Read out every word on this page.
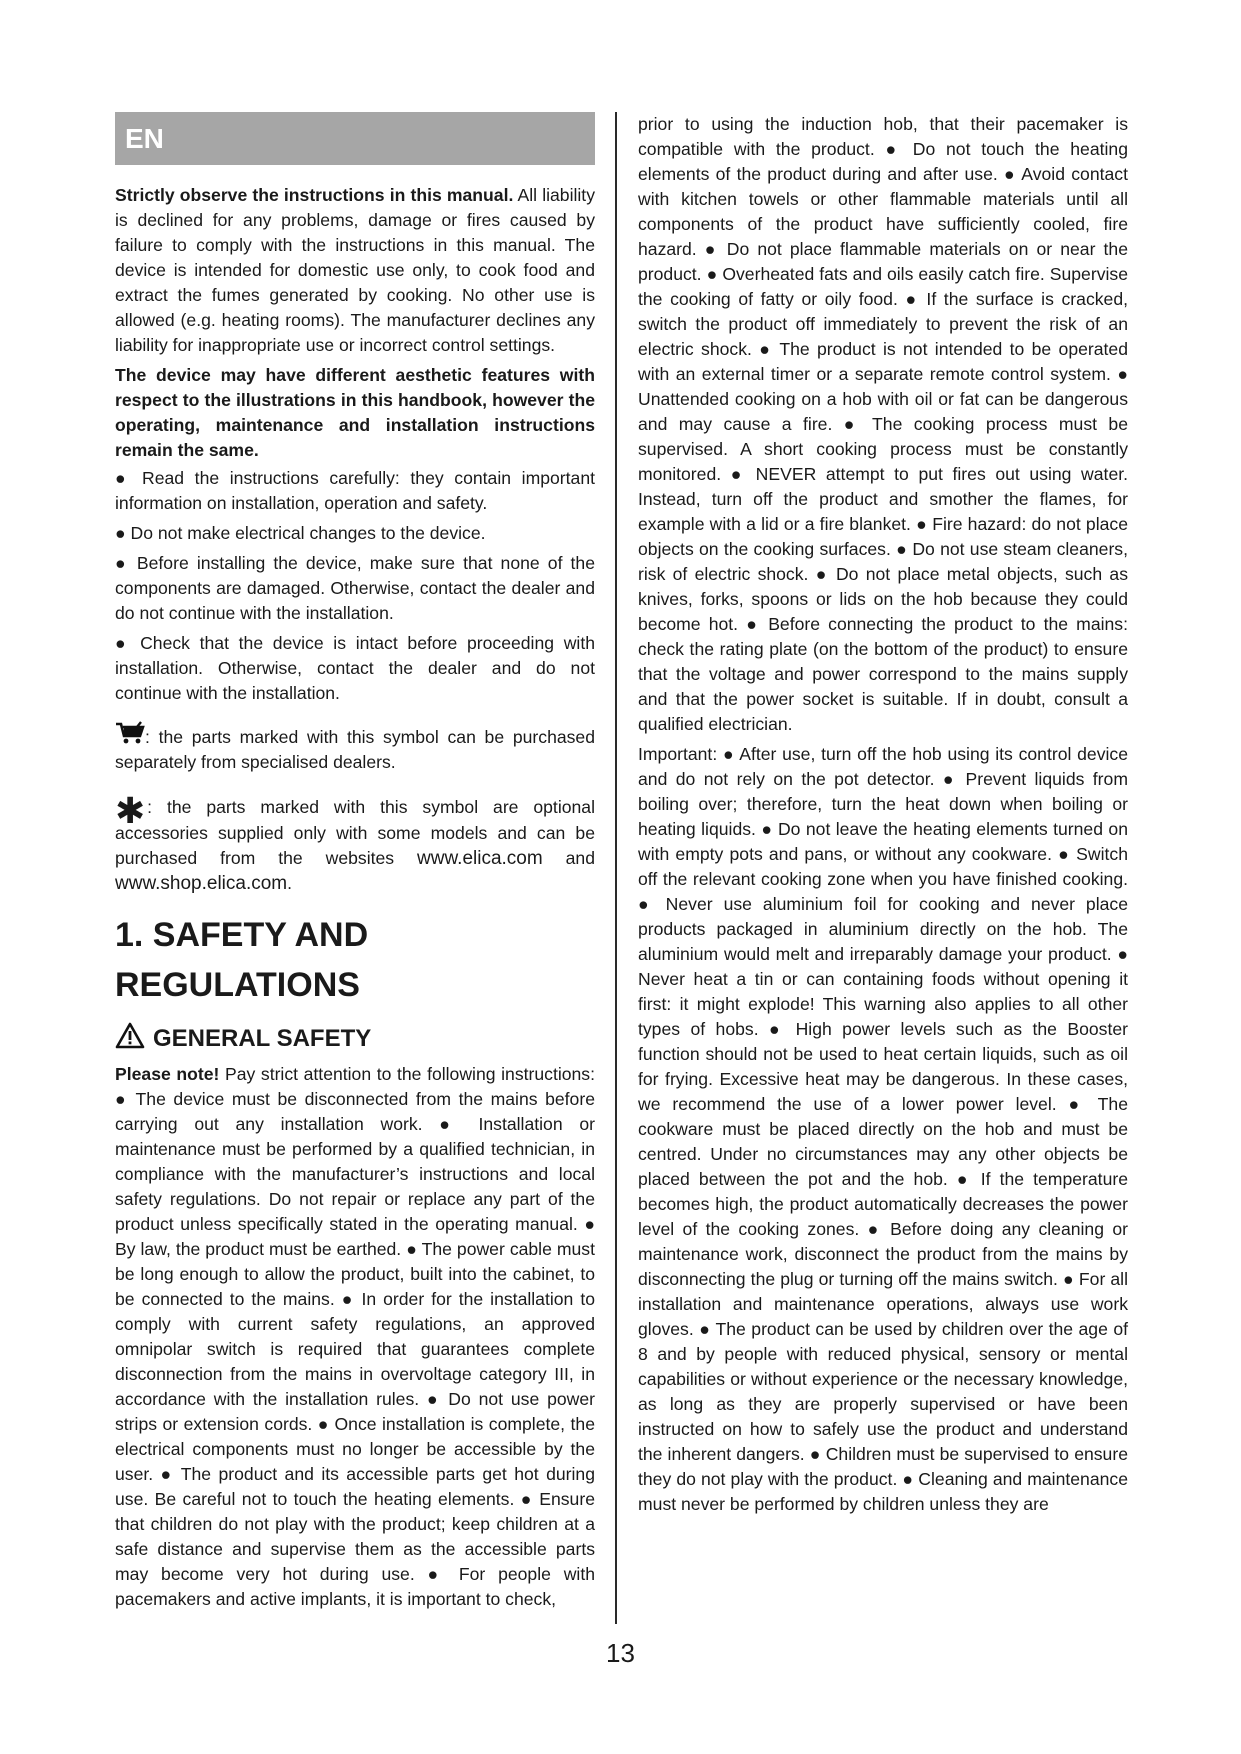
EN

Strictly observe the instructions in this manual. All liability is declined for any problems, damage or fires caused by failure to comply with the instructions in this manual. The device is intended for domestic use only, to cook food and extract the fumes generated by cooking. No other use is allowed (e.g. heating rooms). The manufacturer declines any liability for inappropriate use or incorrect control settings.

The device may have different aesthetic features with respect to the illustrations in this handbook, however the operating, maintenance and installation instructions remain the same.

● Read the instructions carefully: they contain important information on installation, operation and safety.

● Do not make electrical changes to the device.

● Before installing the device, make sure that none of the components are damaged. Otherwise, contact the dealer and do not continue with the installation.

● Check that the device is intact before proceeding with installation. Otherwise, contact the dealer and do not continue with the installation.

: the parts marked with this symbol can be purchased separately from specialised dealers.

✱ : the parts marked with this symbol are optional accessories supplied only with some models and can be purchased from the websites www.elica.com and www.shop.elica.com.

1. SAFETY AND REGULATIONS
GENERAL SAFETY

Please note! Pay strict attention to the following instructions: ● The device must be disconnected from the mains before carrying out any installation work. ● Installation or maintenance must be performed by a qualified technician, in compliance with the manufacturer’s instructions and local safety regulations. Do not repair or replace any part of the product unless specifically stated in the operating manual. ● By law, the product must be earthed. ● The power cable must be long enough to allow the product, built into the cabinet, to be connected to the mains. ● In order for the installation to comply with current safety regulations, an approved omnipolar switch is required that guarantees complete disconnection from the mains in overvoltage category III, in accordance with the installation rules. ● Do not use power strips or extension cords. ● Once installation is complete, the electrical components must no longer be accessible by the user. ● The product and its accessible parts get hot during use. Be careful not to touch the heating elements. ● Ensure that children do not play with the product; keep children at a safe distance and supervise them as the accessible parts may become very hot during use. ● For people with pacemakers and active implants, it is important to check,

prior to using the induction hob, that their pacemaker is compatible with the product. ● Do not touch the heating elements of the product during and after use. ● Avoid contact with kitchen towels or other flammable materials until all components of the product have sufficiently cooled, fire hazard. ● Do not place flammable materials on or near the product. ● Overheated fats and oils easily catch fire. Supervise the cooking of fatty or oily food. ● If the surface is cracked, switch the product off immediately to prevent the risk of an electric shock. ● The product is not intended to be operated with an external timer or a separate remote control system. ● Unattended cooking on a hob with oil or fat can be dangerous and may cause a fire. ● The cooking process must be supervised. A short cooking process must be constantly monitored. ● NEVER attempt to put fires out using water. Instead, turn off the product and smother the flames, for example with a lid or a fire blanket. ● Fire hazard: do not place objects on the cooking surfaces. ● Do not use steam cleaners, risk of electric shock. ● Do not place metal objects, such as knives, forks, spoons or lids on the hob because they could become hot. ● Before connecting the product to the mains: check the rating plate (on the bottom of the product) to ensure that the voltage and power correspond to the mains supply and that the power socket is suitable. If in doubt, consult a qualified electrician.

Important: ● After use, turn off the hob using its control device and do not rely on the pot detector. ● Prevent liquids from boiling over; therefore, turn the heat down when boiling or heating liquids. ● Do not leave the heating elements turned on with empty pots and pans, or without any cookware. ● Switch off the relevant cooking zone when you have finished cooking. ● Never use aluminium foil for cooking and never place products packaged in aluminium directly on the hob. The aluminium would melt and irreparably damage your product. ● Never heat a tin or can containing foods without opening it first: it might explode! This warning also applies to all other types of hobs. ● High power levels such as the Booster function should not be used to heat certain liquids, such as oil for frying. Excessive heat may be dangerous. In these cases, we recommend the use of a lower power level. ● The cookware must be placed directly on the hob and must be centred. Under no circumstances may any other objects be placed between the pot and the hob. ● If the temperature becomes high, the product automatically decreases the power level of the cooking zones. ● Before doing any cleaning or maintenance work, disconnect the product from the mains by disconnecting the plug or turning off the mains switch. ● For all installation and maintenance operations, always use work gloves. ● The product can be used by children over the age of 8 and by people with reduced physical, sensory or mental capabilities or without experience or the necessary knowledge, as long as they are properly supervised or have been instructed on how to safely use the product and understand the inherent dangers. ● Children must be supervised to ensure they do not play with the product. ● Cleaning and maintenance must never be performed by children unless they are

13
